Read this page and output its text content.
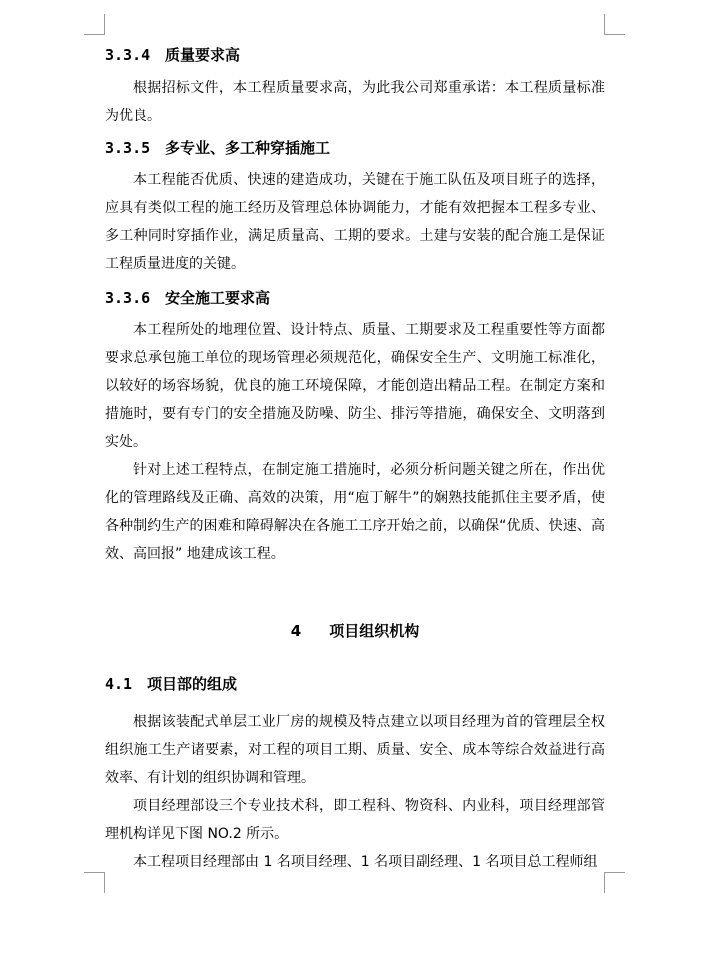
3.3.4 质量要求高

根据招标文件，本工程质量要求高，为此我公司郑重承诺：本工程质量标准为优良。

3.3.5 多专业、多工种穿插施工

本工程能否优质、快速的建造成功，关键在于施工队伍及项目班子的选择，应具有类似工程的施工经历及管理总体协调能力，才能有效把握本工程多专业、多工种同时穿插作业，满足质量高、工期的要求。土建与安装的配合施工是保证工程质量进度的关键。

3.3.6 安全施工要求高

本工程所处的地理位置、设计特点、质量、工期要求及工程重要性等方面都要求总承包施工单位的现场管理必须规范化，确保安全生产、文明施工标准化，以较好的场容场貌，优良的施工环境保障，才能创造出精品工程。在制定方案和措施时，要有专门的安全措施及防噪、防尘、排污等措施，确保安全、文明落到实处。

针对上述工程特点，在制定施工措施时，必须分析问题关键之所在，作出优化的管理路线及正确、高效的决策，用“庖丁解牛”的娴熟技能抓住主要矛盾，使各种制约生产的困难和障碍解决在各施工工序开始之前，以确保“优质、快速、高效、高回报” 地建成该工程。

4 项目组织机构
4.1 项目部的组成

根据该装配式单层工业厂房的规模及特点建立以项目经理为首的管理层全权组织施工生产诸要素，对工程的项目工期、质量、安全、成本等综合效益进行高效率、有计划的组织协调和管理。

项目经理部设三个专业技术科，即工程科、物资科、内业科，项目经理部管理机构详见下图 NO.2 所示。

本工程项目经理部由 1 名项目经理、1 名项目副经理、1 名项目总工程师组
